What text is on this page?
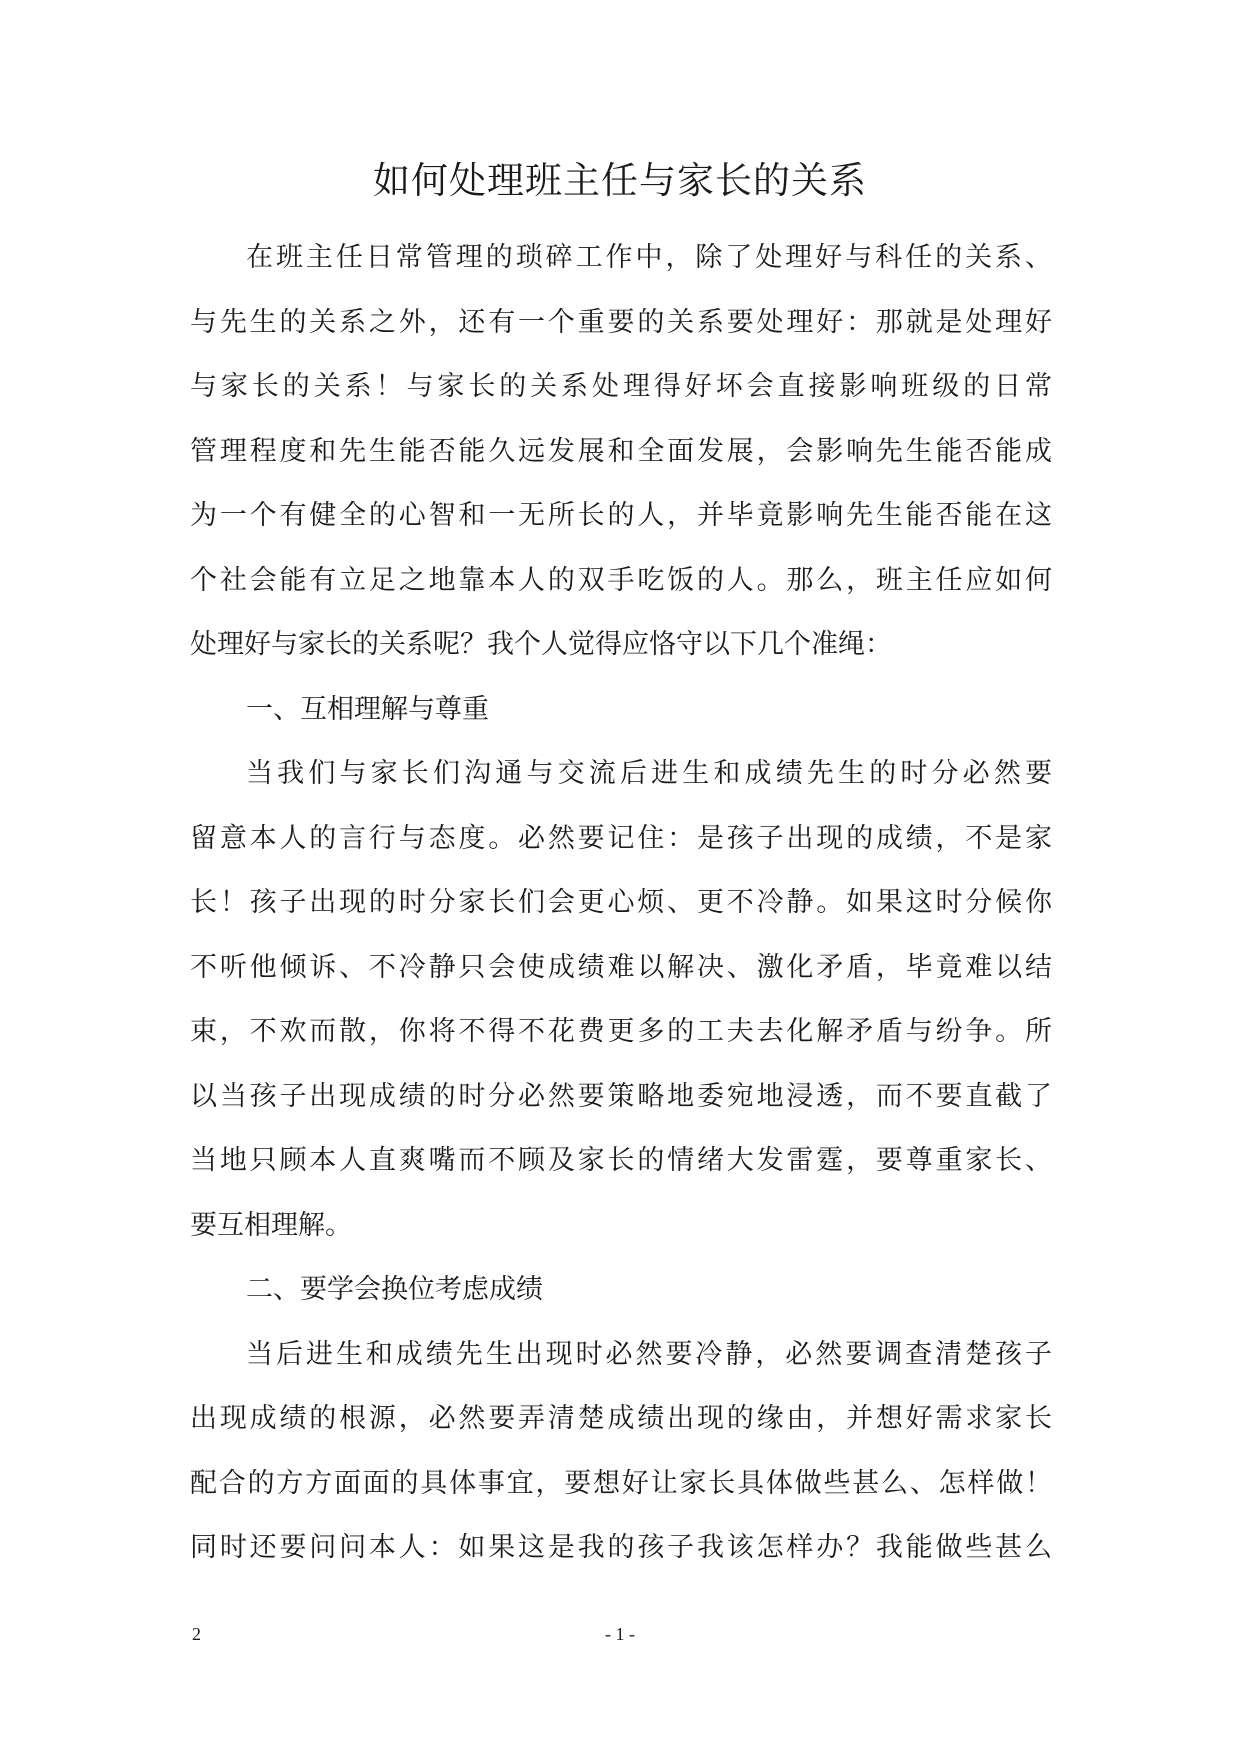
如何处理班主任与家长的关系
在班主任日常管理的琐碎工作中，除了处理好与科任的关系、
与先生的关系之外，还有一个重要的关系要处理好：那就是处理好
与家长的关系！与家长的关系处理得好坏会直接影响班级的日常
管理程度和先生能否能久远发展和全面发展，会影响先生能否能成
为一个有健全的心智和一无所长的人，并毕竟影响先生能否能在这
个社会能有立足之地靠本人的双手吃饭的人。那么，班主任应如何
处理好与家长的关系呢？我个人觉得应恪守以下几个准绳：
一、互相理解与尊重
当我们与家长们沟通与交流后进生和成绩先生的时分必然要
留意本人的言行与态度。必然要记住：是孩子出现的成绩，不是家
长！孩子出现的时分家长们会更心烦、更不冷静。如果这时分候你
不听他倾诉、不冷静只会使成绩难以解决、激化矛盾，毕竟难以结
束，不欢而散，你将不得不花费更多的工夫去化解矛盾与纷争。所
以当孩子出现成绩的时分必然要策略地委宛地浸透，而不要直截了
当地只顾本人直爽嘴而不顾及家长的情绪大发雷霆，要尊重家长、
要互相理解。
二、要学会换位考虑成绩
当后进生和成绩先生出现时必然要冷静，必然要调查清楚孩子
出现成绩的根源，必然要弄清楚成绩出现的缘由，并想好需求家长
配合的方方面面的具体事宜，要想好让家长具体做些甚么、怎样做！
同时还要问问本人：如果这是我的孩子我该怎样办？我能做些甚么
2	- 1 -
